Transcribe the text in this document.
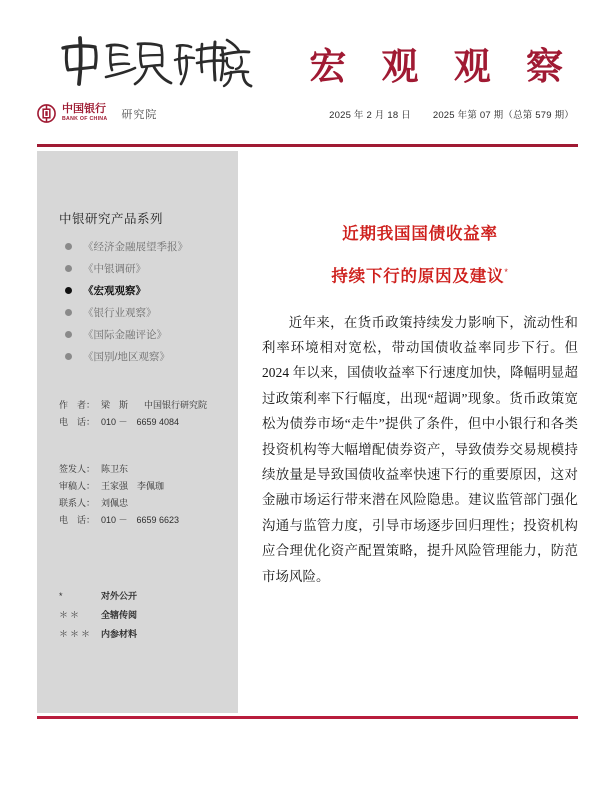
中国银行
BANK OF CHINA 研究院
宏 观 观 察
2025 年 2 月 18 日 2025 年第 07 期（总第 579 期）
中银研究产品系列
《经济金融展望季报》
《中银调研》
《宏观观察》
《银行业观察》
《国际金融评论》
《国别/地区观察》
作　者： 梁　斯 中国银行研究院
电　话： 010 －　6659 4084
签发人： 陈卫东
审稿人： 王家强　李佩珈
联系人： 刘佩忠
电　话： 010 －　6659 6623
*	对外公开
＊＊ 全辖传阅
＊＊＊ 内参材料
近期我国国债收益率
持续下行的原因及建议*

近年来，在货币政策持续发力影响下，流动性和利率环境相对宽松，带动国债收益率同步下行。但 2024 年以来，国债收益率下行速度加快，降幅明显超过政策利率下行幅度，出现“超调”现象。货币政策宽松为债券市场“走牛”提供了条件，但中小银行和各类投资机构等大幅增配债券资产，导致债券交易规模持续放量是导致国债收益率快速下行的重要原因，这对金融市场运行带来潜在风险隐患。建议监管部门强化沟通与监管力度，引导市场逐步回归理性；投资机构应合理优化资产配置策略，提升风险管理能力，防范市场风险。
